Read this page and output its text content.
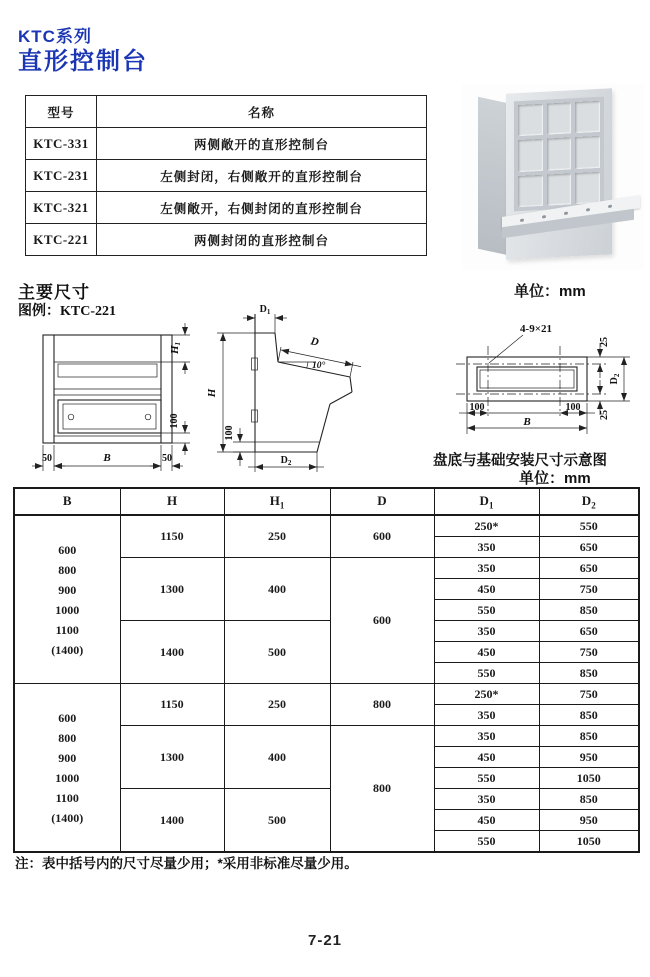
KTC系列
直形控制台
型号	名称
KTC-331	两侧敞开的直形控制台
KTC-231	左侧封闭，右侧敞开的直形控制台
KTC-321	左侧敞开，右侧封闭的直形控制台
KTC-221	两侧封闭的直形控制台
主要尺寸
图例：KTC-221
单位：mm
H1
100
50	B	50
$D_1$
D
10°
H
100
$D_2$
4-9×21
25
$D_2$
25
100	100
B
盘底与基础安装尺寸示意图
单位：mm
B	H	$H_1$	D	$D_1$	$D_2$

600
800
900
1000
1100
(1400)
	1150	250	600	250*	550
				350	650
	1300	400	600	350	650
				450	750
				550	850
	1400	500		350	650
				450	750
				550	850

600
800
900
1000
1100
(1400)
	1150	250	800	250*	750
				350	850
	1300	400	800	350	850
				450	950
				550	1050
	1400	500		350	850
				450	950
				550	1050
注：表中括号内的尺寸尽量少用；*采用非标准尽量少用。
7-21
